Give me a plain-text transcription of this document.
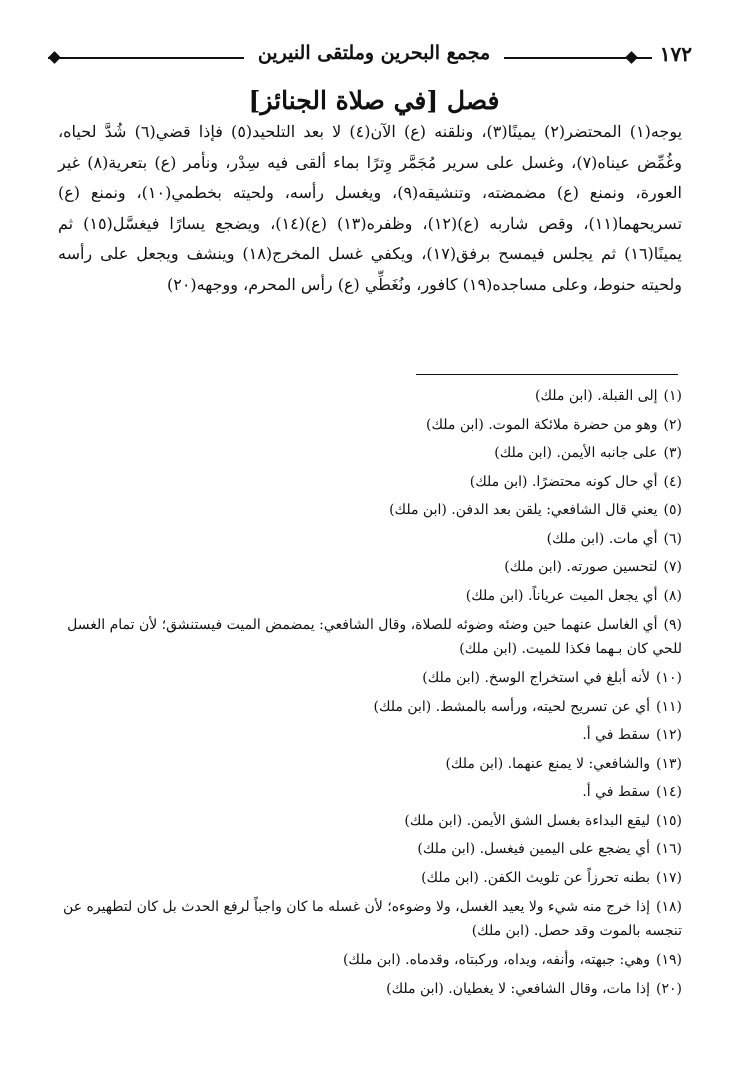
مجمع البحرين وملتقى النيرين	١٧٢
فصل [في صلاة الجنائز]

يوجه(١) المحتضر(٢) يمينًا(٣)، ونلقنه (ع) الآن(٤) لا بعد التلحيد(٥) فإذا قضي(٦) شُدَّ لحياه، وغُمِّض عيناه(٧)، وغسل على سرير مُجَمَّر وِترًا بماء ألقى فيه سِدْر، ونأمر (ع) بتعرية(٨) غير العورة، ونمنع (ع) مضمضته، وتنشيقه(٩)، ويغسل رأسه، ولحيته بخطمي(١٠)، ونمنع (ع) تسريحهما(١١)، وقص شاربه (ع)(١٢)، وظفره(١٣) (ع)(١٤)، ويضجع يسارًا فيغسَّل(١٥) ثم يمينًا(١٦) ثم يجلس فيمسح برفق(١٧)، ويكفي غسل المخرج(١٨) وينشف ويجعل على رأسه ولحيته حنوط، وعلى مساجده(١٩) كافور، ونُغَطِّي (ع) رأس المحرم، ووجهه(٢٠)

(١)إلى القبلة. (ابن ملك)
(٢)وهو من حضرة ملائكة الموت. (ابن ملك)
(٣)على جانبه الأيمن. (ابن ملك)
(٤)أي حال كونه محتضرًا. (ابن ملك)
(٥)يعني قال الشافعي: يلقن بعد الدفن. (ابن ملك)
(٦)أي مات. (ابن ملك)
(٧)لتحسين صورته. (ابن ملك)
(٨)أي يجعل الميت عرياناً. (ابن ملك)
(٩)أي الغاسل عنهما حين وضئه وضوئه للصلاة، وقال الشافعي: يمضمض الميت فيستنشق؛ لأن تمام الغسل للحي كان بـهما فكذا للميت. (ابن ملك)
(١٠)لأنه أبلغ في استخراج الوسخ. (ابن ملك)
(١١)أي عن تسريح لحيته، ورأسه بالمشط. (ابن ملك)
(١٢)سقط في أ.
(١٣)والشافعي: لا يمنع عنهما. (ابن ملك)
(١٤)سقط في أ.
(١٥)ليقع البداءة بغسل الشق الأيمن. (ابن ملك)
(١٦)أي يضجع على اليمين فيغسل. (ابن ملك)
(١٧)بطنه تحرزاً عن تلويث الكفن. (ابن ملك)
(١٨)إذا خرج منه شيء ولا يعيد الغسل، ولا وضوءه؛ لأن غسله ما كان واجباً لرفع الحدث بل كان لتطهيره عن تنجسه بالموت وقد حصل. (ابن ملك)
(١٩)وهي: جبهته، وأنفه، ويداه، وركبتاه، وقدماه. (ابن ملك)
(٢٠)إذا مات، وقال الشافعي: لا يغطيان. (ابن ملك)
